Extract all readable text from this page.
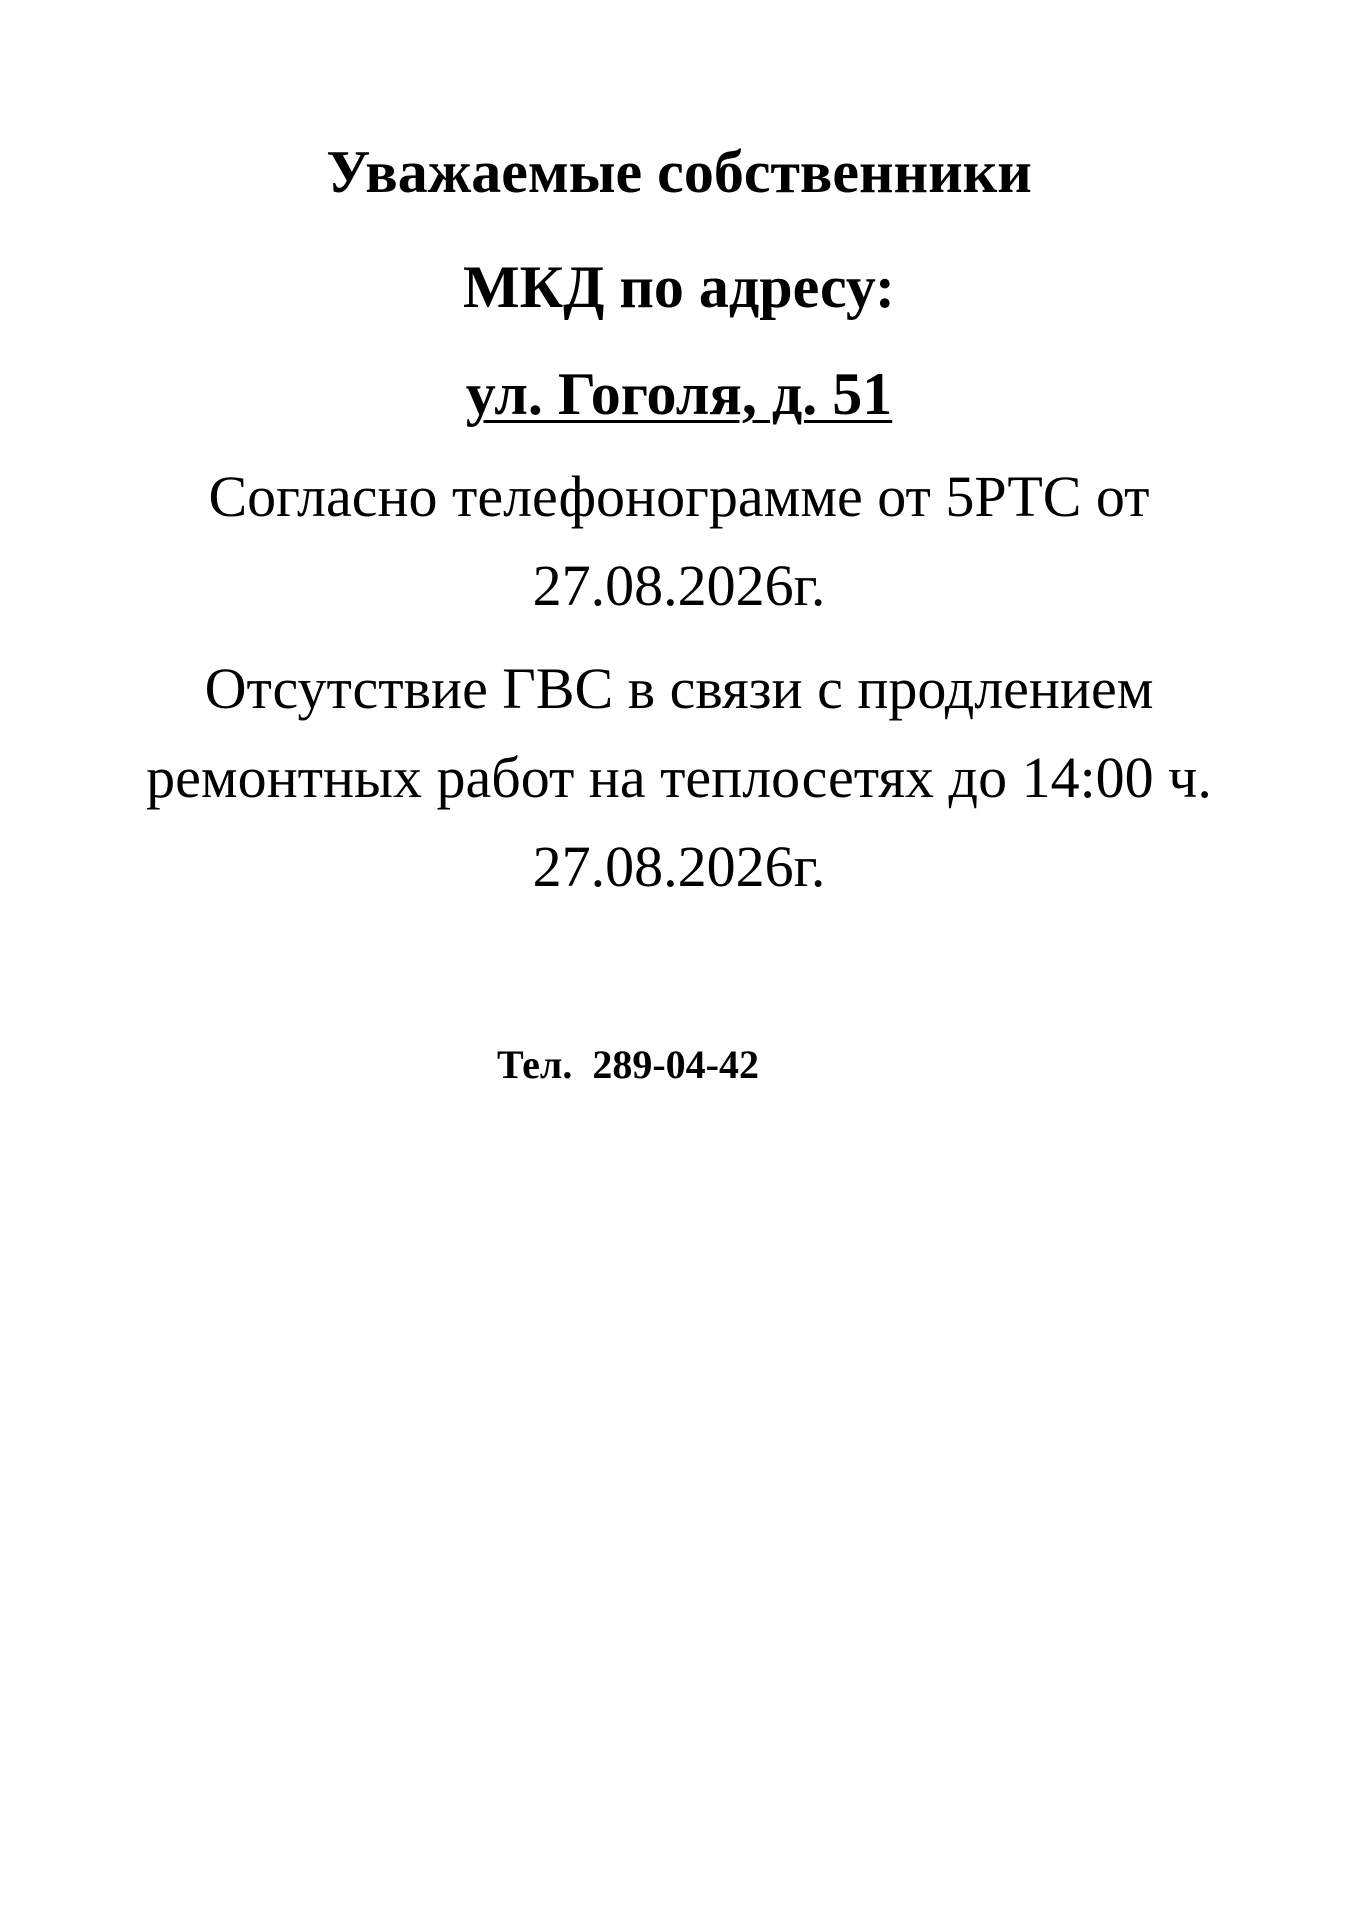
Уважаемые собственники
МКД по адресу:
ул. Гоголя, д. 51
Согласно телефонограмме от 5РТС от
27.08.2026г.
Отсутствие ГВС в связи с продлением
ремонтных работ на теплосетях до 14:00 ч.
27.08.2026г.
Тел.  289-04-42
